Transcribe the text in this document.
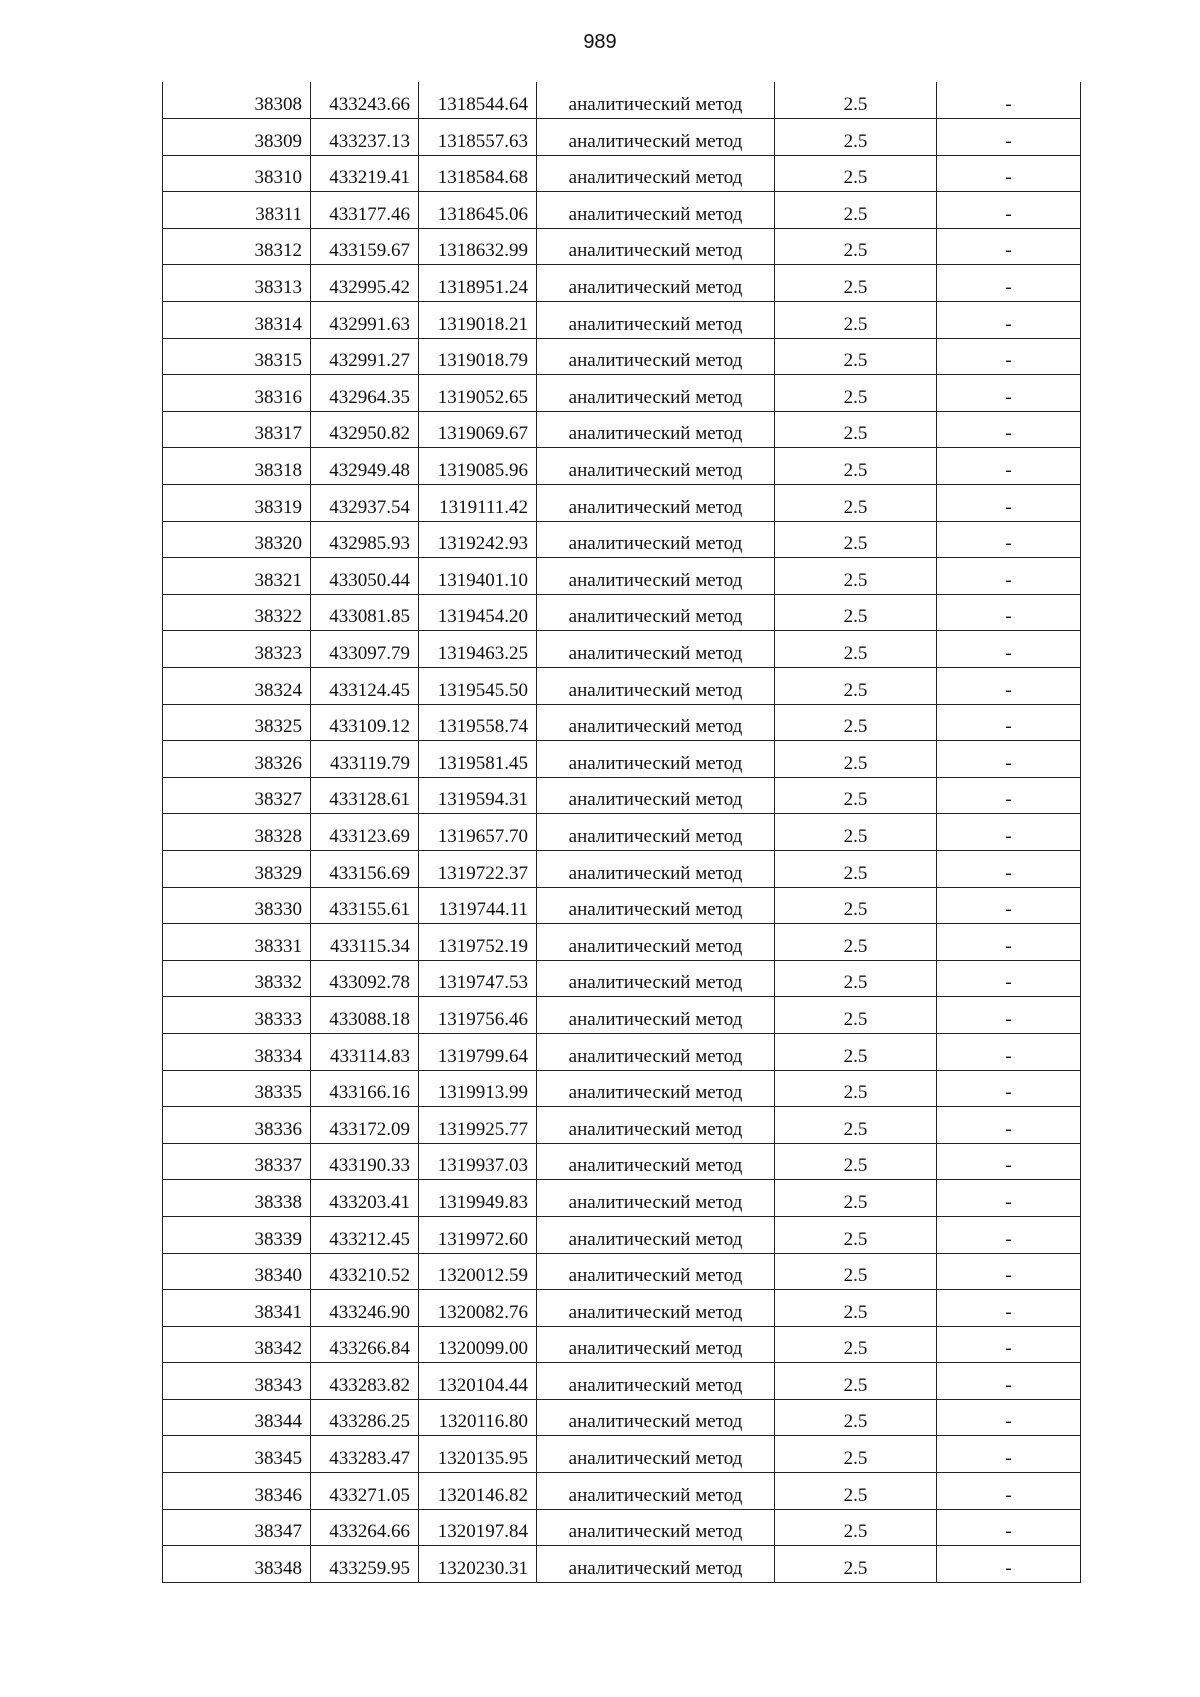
989
38308	433243.66	1318544.64	аналитический метод	2.5	-
38309	433237.13	1318557.63	аналитический метод	2.5	-
38310	433219.41	1318584.68	аналитический метод	2.5	-
38311	433177.46	1318645.06	аналитический метод	2.5	-
38312	433159.67	1318632.99	аналитический метод	2.5	-
38313	432995.42	1318951.24	аналитический метод	2.5	-
38314	432991.63	1319018.21	аналитический метод	2.5	-
38315	432991.27	1319018.79	аналитический метод	2.5	-
38316	432964.35	1319052.65	аналитический метод	2.5	-
38317	432950.82	1319069.67	аналитический метод	2.5	-
38318	432949.48	1319085.96	аналитический метод	2.5	-
38319	432937.54	1319111.42	аналитический метод	2.5	-
38320	432985.93	1319242.93	аналитический метод	2.5	-
38321	433050.44	1319401.10	аналитический метод	2.5	-
38322	433081.85	1319454.20	аналитический метод	2.5	-
38323	433097.79	1319463.25	аналитический метод	2.5	-
38324	433124.45	1319545.50	аналитический метод	2.5	-
38325	433109.12	1319558.74	аналитический метод	2.5	-
38326	433119.79	1319581.45	аналитический метод	2.5	-
38327	433128.61	1319594.31	аналитический метод	2.5	-
38328	433123.69	1319657.70	аналитический метод	2.5	-
38329	433156.69	1319722.37	аналитический метод	2.5	-
38330	433155.61	1319744.11	аналитический метод	2.5	-
38331	433115.34	1319752.19	аналитический метод	2.5	-
38332	433092.78	1319747.53	аналитический метод	2.5	-
38333	433088.18	1319756.46	аналитический метод	2.5	-
38334	433114.83	1319799.64	аналитический метод	2.5	-
38335	433166.16	1319913.99	аналитический метод	2.5	-
38336	433172.09	1319925.77	аналитический метод	2.5	-
38337	433190.33	1319937.03	аналитический метод	2.5	-
38338	433203.41	1319949.83	аналитический метод	2.5	-
38339	433212.45	1319972.60	аналитический метод	2.5	-
38340	433210.52	1320012.59	аналитический метод	2.5	-
38341	433246.90	1320082.76	аналитический метод	2.5	-
38342	433266.84	1320099.00	аналитический метод	2.5	-
38343	433283.82	1320104.44	аналитический метод	2.5	-
38344	433286.25	1320116.80	аналитический метод	2.5	-
38345	433283.47	1320135.95	аналитический метод	2.5	-
38346	433271.05	1320146.82	аналитический метод	2.5	-
38347	433264.66	1320197.84	аналитический метод	2.5	-
38348	433259.95	1320230.31	аналитический метод	2.5	-
